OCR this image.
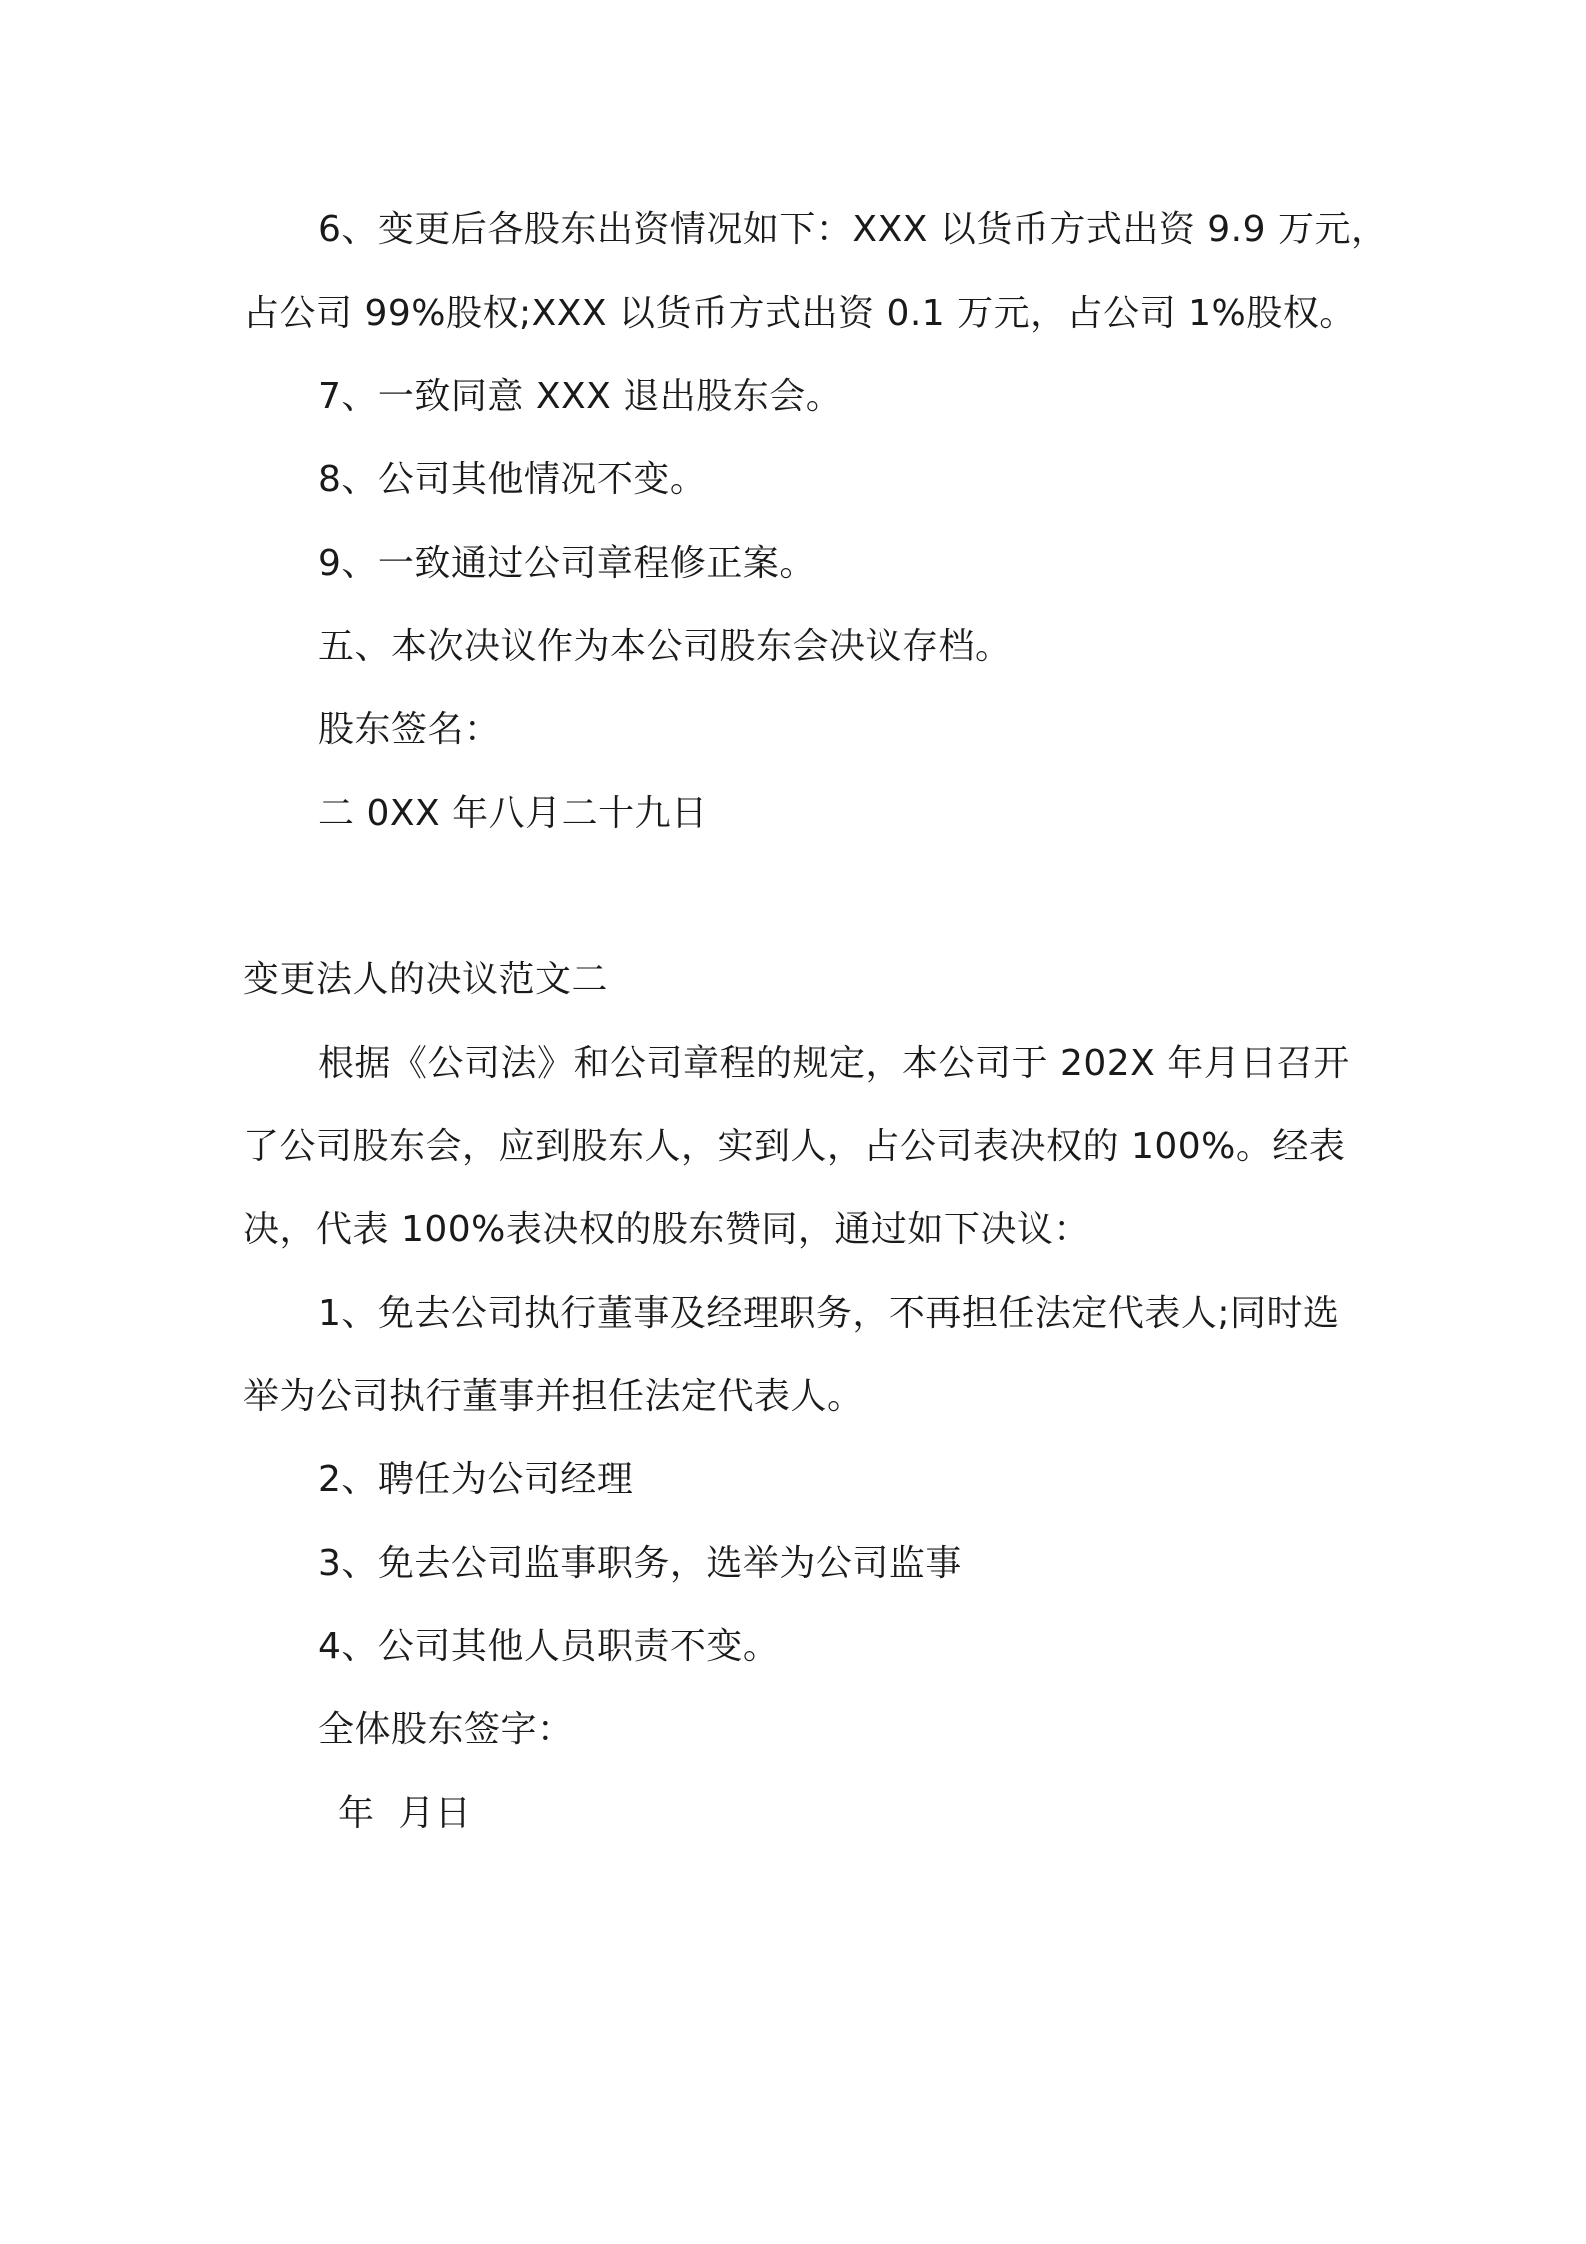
6、变更后各股东出资情况如下：XXX 以货币方式出资 9.9 万元，
占公司 99%股权;XXX 以货币方式出资 0.1 万元，占公司 1%股权。
7、一致同意 XXX 退出股东会。
8、公司其他情况不变。
9、一致通过公司章程修正案。
五、本次决议作为本公司股东会决议存档。
股东签名：
二 0XX 年八月二十九日
变更法人的决议范文二
根据《公司法》和公司章程的规定，本公司于 202X 年月日召开
了公司股东会，应到股东人，实到人，占公司表决权的 100%。经表
决，代表 100%表决权的股东赞同，通过如下决议：
1、免去公司执行董事及经理职务，不再担任法定代表人;同时选
举为公司执行董事并担任法定代表人。
2、聘任为公司经理
3、免去公司监事职务，选举为公司监事
4、公司其他人员职责不变。
全体股东签字：
年  月日
